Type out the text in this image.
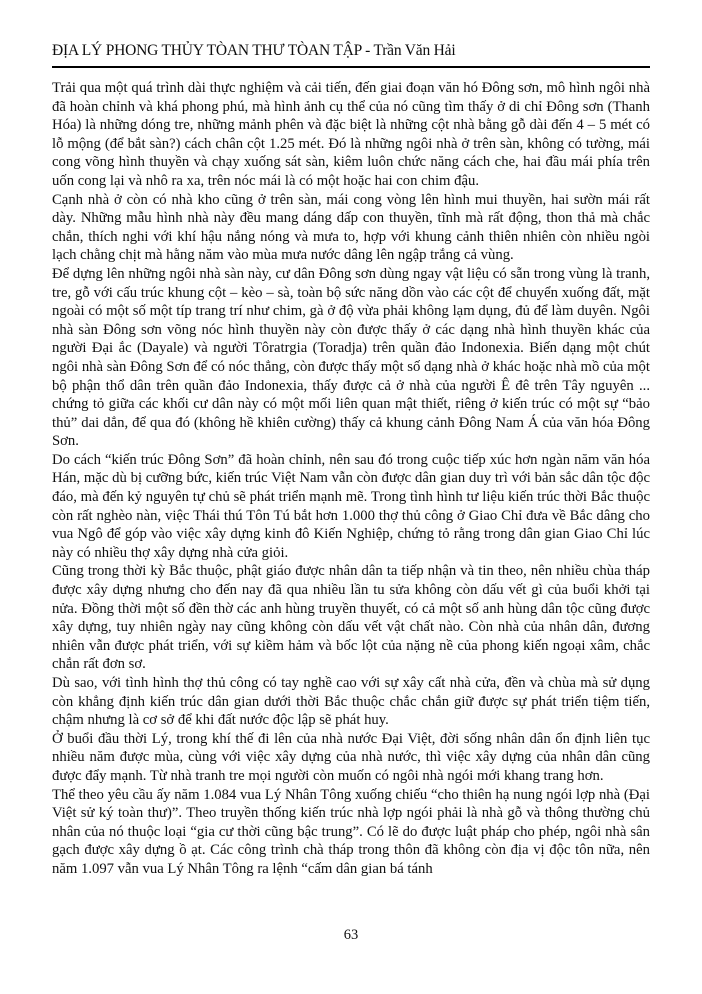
ĐỊA LÝ PHONG THỦY TÒAN THƯ TÒAN TẬP - Trần Văn Hải

Trải qua một quá trình dài thực nghiệm và cải tiến, đến giai đoạn văn hó Đông sơn, mô hình ngôi nhà đã hoàn chỉnh và khá phong phú, mà hình ảnh cụ thể của nó cũng tìm thấy ở di chỉ Đông sơn (Thanh Hóa) là những dóng tre, những mảnh phên và đặc biệt là những cột nhà bằng gỗ dài đến 4 – 5 mét có lỗ mộng (để bắt sàn?) cách chân cột 1.25 mét. Đó là những ngôi nhà ở trên sàn, không có tường, mái cong võng hình thuyền và chạy xuống sát sàn, kiêm luôn chức năng cách che, hai đầu mái phía trên uốn cong lại và nhô ra xa, trên nóc mái là có một hoặc hai con chim đậu.

Cạnh nhà ở còn có nhà kho cũng ở trên sàn, mái cong vòng lên hình mui thuyền, hai sườn mái rất dày. Những mẫu hình nhà này đều mang dáng dấp con thuyền, tĩnh mà rất động, thon thả mà chắc chắn, thích nghi với khí hậu nắng nóng và mưa to, hợp với khung cảnh thiên nhiên còn nhiều ngòi lạch chằng chịt mà hằng năm vào mùa mưa nước dâng lên ngập trắng cả vùng.

Để dựng lên những ngôi nhà sàn này, cư dân Đông sơn dùng ngay vật liệu có sẵn trong vùng là tranh, tre, gỗ với cấu trúc khung cột – kèo – sà, toàn bộ sức năng dồn vào các cột để chuyển xuống đất, mặt ngoài có một số một típ trang trí như chim, gà ở độ vừa phải không lạm dụng, đủ để làm duyên. Ngôi nhà sàn Đông sơn võng nóc hình thuyền này còn được thấy ở các dạng nhà hình thuyền khác của người Đại ắc (Dayale) và người Tôratrgia (Toradja) trên quần đảo Indonexia. Biến dạng một chút ngôi nhà sàn Đông Sơn để có nóc thẳng, còn được thấy một số dạng nhà ở khác hoặc nhà mồ của một bộ phận thổ dân trên quần đảo Indonexia, thấy được cả ở nhà của người Ê đê trên Tây nguyên ... chứng tỏ giữa các khối cư dân này có một mối liên quan mật thiết, riêng ở kiến trúc có một sự “bảo thủ” dai dẳn, để qua đó (không hề khiên cường) thấy cả khung cảnh Đông Nam Á của văn hóa Đông Sơn.

Do cách “kiến trúc Đông Sơn” đã hoàn chỉnh, nên sau đó trong cuộc tiếp xúc hơn ngàn năm văn hóa Hán, mặc dù bị cưỡng bức, kiến trúc Việt Nam vẫn còn được dân gian duy trì với bản sắc dân tộc độc đáo, mà đến kỷ nguyên tự chủ sẽ phát triển mạnh mẽ. Trong tình hình tư liệu kiến trúc thời Bắc thuộc còn rất nghèo nàn, việc Thái thú Tôn Tú bắt hơn 1.000 thợ thủ công ở Giao Chỉ đưa về Bắc dâng cho vua Ngô để góp vào việc xây dựng kinh đô Kiến Nghiệp, chứng tỏ rằng trong dân gian Giao Chỉ lúc này có nhiều thợ xây dựng nhà cửa giỏi.

Cũng trong thời kỳ Bắc thuộc, phật giáo được nhân dân ta tiếp nhận và tin theo, nên nhiều chùa tháp được xây dựng nhưng cho đến nay đã qua nhiều lần tu sửa không còn dấu vết gì của buổi khởi tại nửa. Đồng thời một số đền thờ các anh hùng truyền thuyết, có cả một số anh hùng dân tộc cũng được xây dựng, tuy nhiên ngày nay cũng không còn dấu vết vật chất nào. Còn nhà của nhân dân, đương nhiên vẫn được phát triển, với sự kiềm hảm và bốc lột của nặng nề của phong kiến ngoại xâm, chắc chắn rất đơn sơ.

Dù sao, với tình hình thợ thủ công có tay nghề cao với sự xây cất nhà cửa, đền và chùa mà sử dụng còn khẳng định kiến trúc dân gian dưới thời Bắc thuộc chắc chắn giữ được sự phát triển tiệm tiến, chậm nhưng là cơ sở để khi đất nước độc lập sẽ phát huy.

Ở buổi đầu thời Lý, trong khí thế đi lên của nhà nước Đại Việt, đời sống nhân dân ổn định liên tục nhiều năm được mùa, cùng với việc xây dựng của nhà nước, thì việc xây dựng của nhân dân cũng được đẩy mạnh. Từ nhà tranh tre mọi người còn muốn có ngôi nhà ngói mới khang trang hơn.

Thể theo yêu cầu ấy năm 1.084 vua Lý Nhân Tông xuống chiếu “cho thiên hạ nung ngói lợp nhà (Đại Việt sử ký toàn thư)”. Theo truyền thống kiến trúc nhà lợp ngói phải là nhà gỗ và thông thường chủ nhân của nó thuộc loại “gia cư thời cũng bậc trung”. Có lẽ do được luật pháp cho phép, ngôi nhà sân gạch được xây dựng ồ ạt. Các công trình chà tháp trong thôn đã không còn địa vị độc tôn nữa, nên năm 1.097 vẫn vua Lý Nhân Tông ra lệnh “cấm dân gian bá tánh

63
